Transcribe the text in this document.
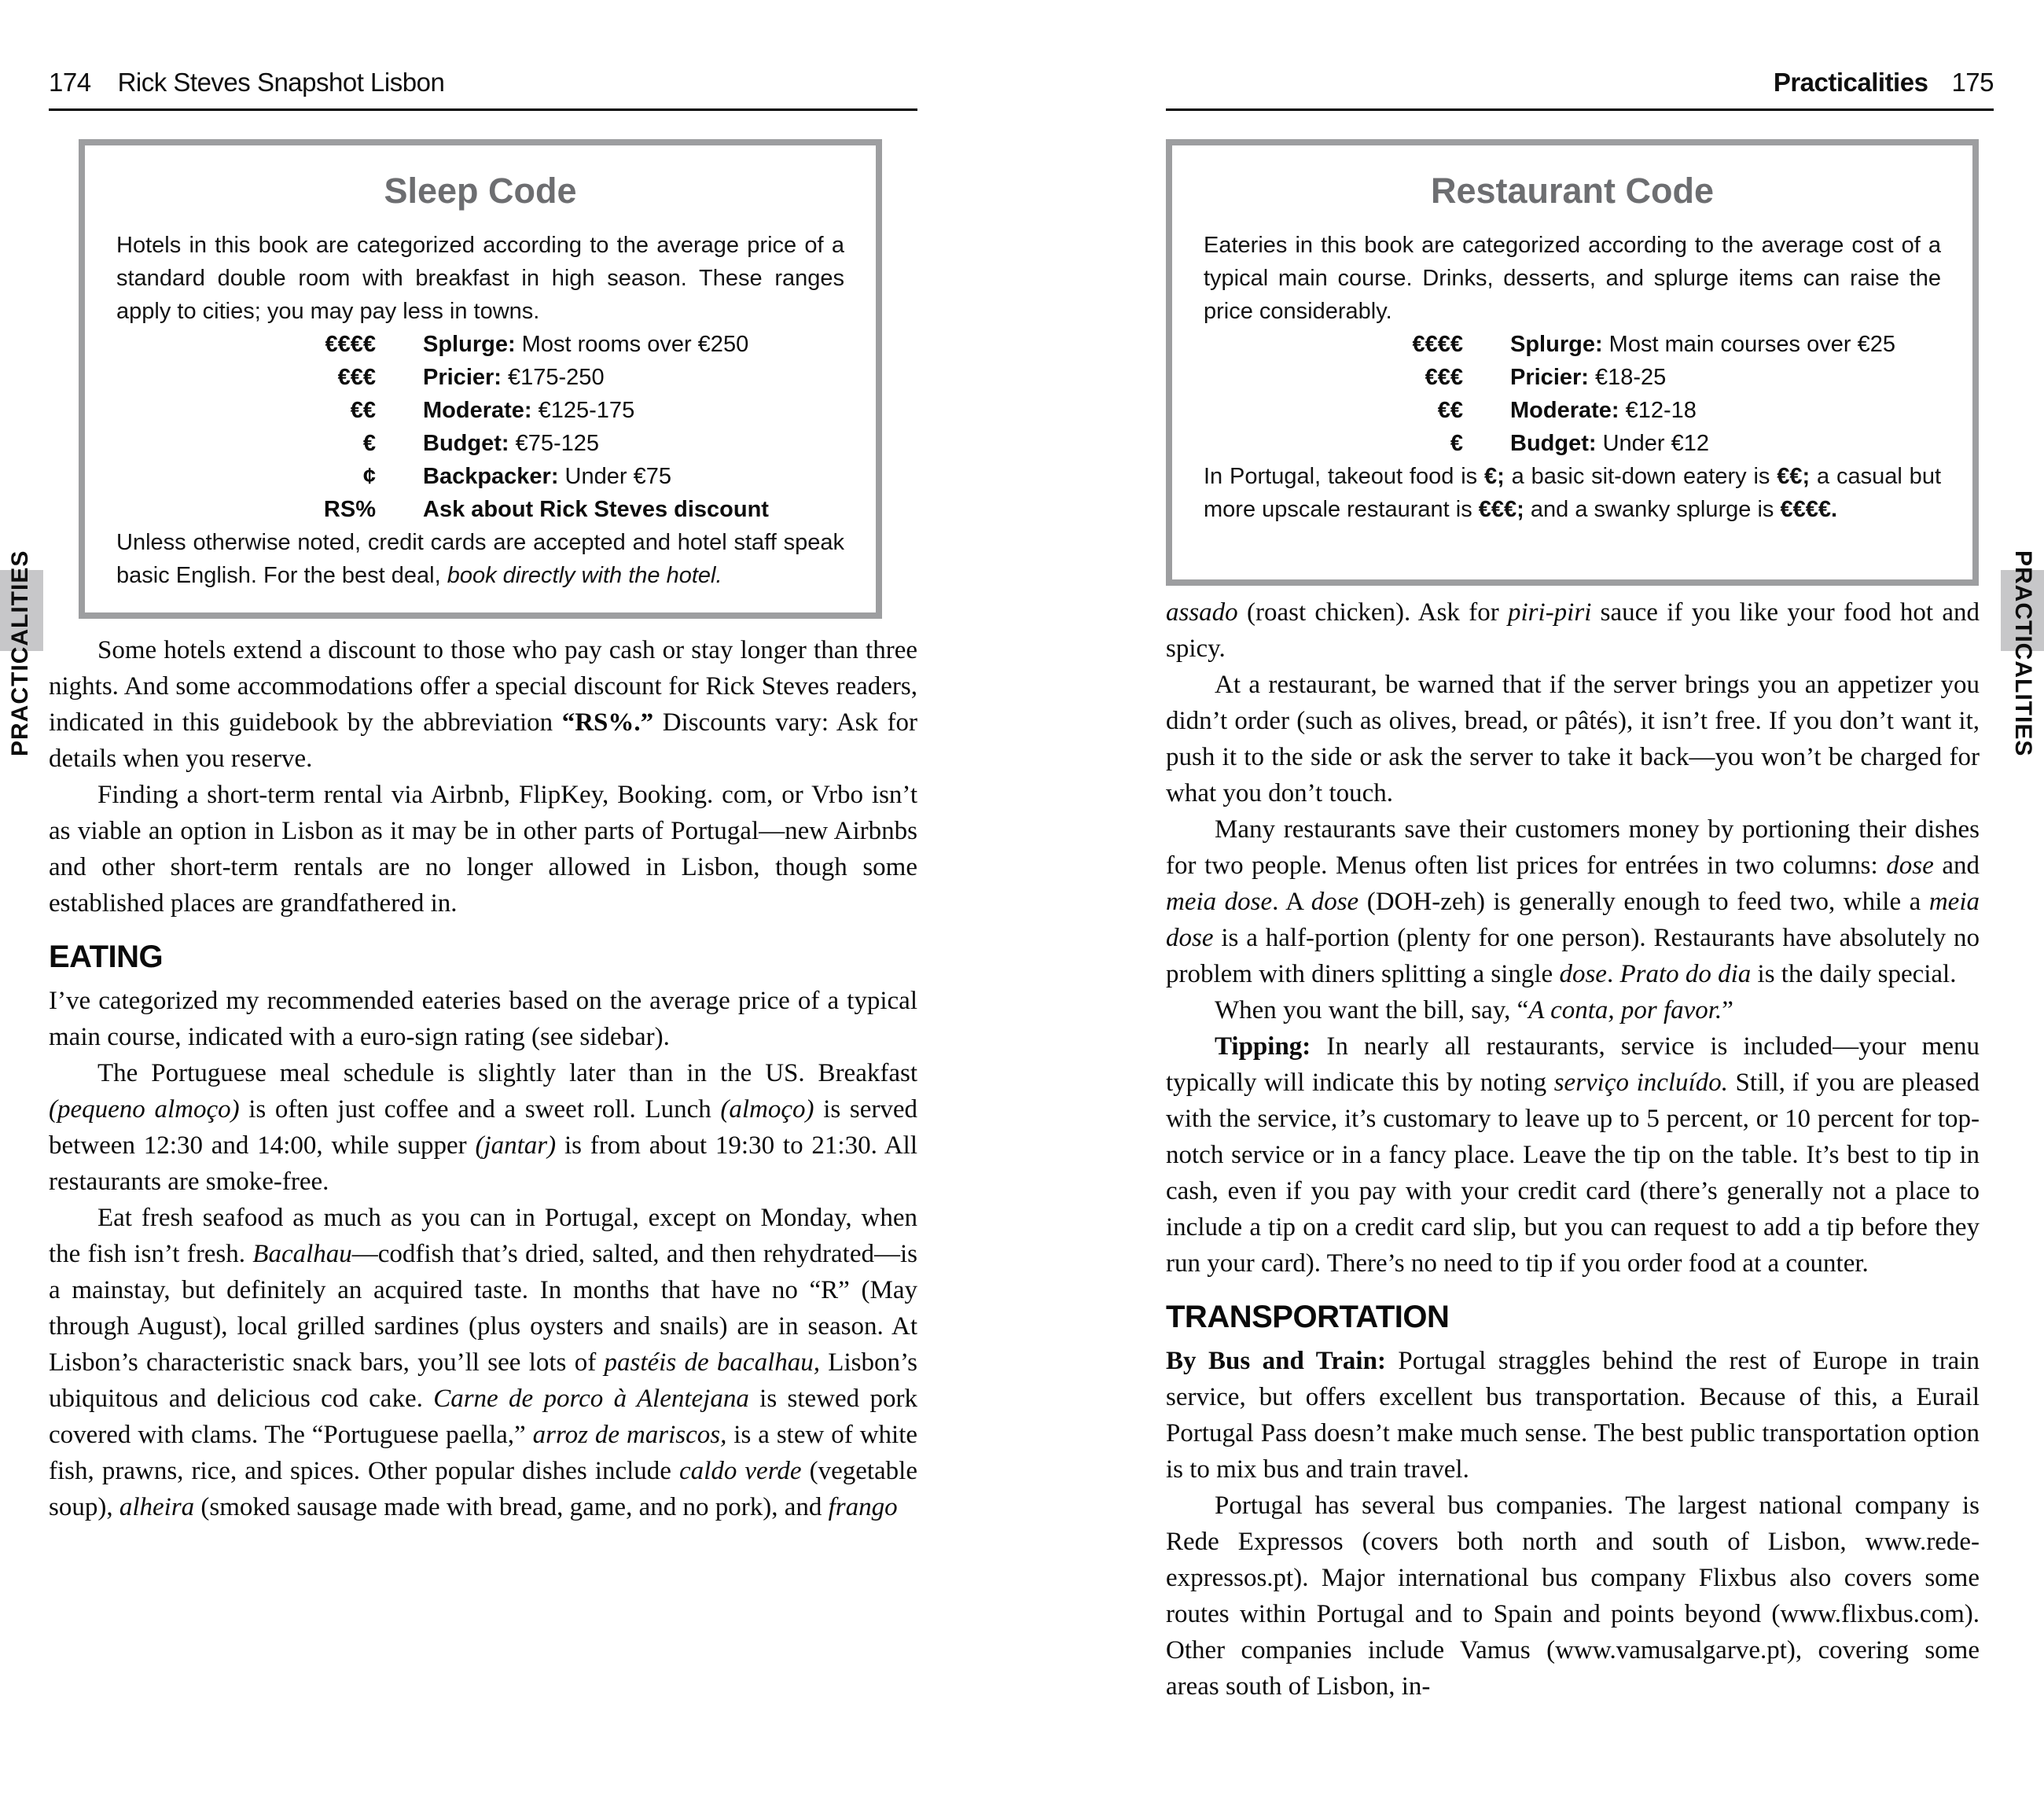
174 Rick Steves Snapshot Lisbon	Practicalities 175
Sleep Code

Hotels in this book are categorized according to the average price of a standard double room with breakfast in high season. These ranges apply to cities; you may pay less in towns.

€€€€ Splurge: Most rooms over €250
€€€ Pricier: €175-250
€€ Moderate: €125-175
€ Budget: €75-125
¢ Backpacker: Under €75
RS% Ask about Rick Steves discount

Unless otherwise noted, credit cards are accepted and hotel staff speak basic English. For the best deal, book directly with the hotel.

Some hotels extend a discount to those who pay cash or stay longer than three nights. And some accommodations offer a special discount for Rick Steves readers, indicated in this guidebook by the abbreviation “RS%.” Discounts vary: Ask for details when you reserve.

Finding a short-term rental via Airbnb, FlipKey, Booking. com, or Vrbo isn’t as viable an option in Lisbon as it may be in other parts of Portugal—new Airbnbs and other short-term rentals are no longer allowed in Lisbon, though some established places are grandfathered in.

EATING

I’ve categorized my recommended eateries based on the average price of a typical main course, indicated with a euro-sign rating (see sidebar).

The Portuguese meal schedule is slightly later than in the US. Breakfast (pequeno almoço) is often just coffee and a sweet roll. Lunch (almoço) is served between 12:30 and 14:00, while supper (jantar) is from about 19:30 to 21:30. All restaurants are smoke-free.

Eat fresh seafood as much as you can in Portugal, except on Monday, when the fish isn’t fresh. Bacalhau—codfish that’s dried, salted, and then rehydrated—is a mainstay, but definitely an acquired taste. In months that have no “R” (May through August), local grilled sardines (plus oysters and snails) are in season. At Lisbon’s characteristic snack bars, you’ll see lots of pastéis de bacalhau, Lisbon’s ubiquitous and delicious cod cake. Carne de porco à Alentejana is stewed pork covered with clams. The “Portuguese paella,” arroz de mariscos, is a stew of white fish, prawns, rice, and spices. Other popular dishes include caldo verde (vegetable soup), alheira (smoked sausage made with bread, game, and no pork), and frango

Restaurant Code

Eateries in this book are categorized according to the average cost of a typical main course. Drinks, desserts, and splurge items can raise the price considerably.

€€€€ Splurge: Most main courses over €25
€€€ Pricier: €18-25
€€ Moderate: €12-18
€ Budget: Under €12

In Portugal, takeout food is €; a basic sit-down eatery is €€; a casual but more upscale restaurant is €€€; and a swanky splurge is €€€€.

assado (roast chicken). Ask for piri-piri sauce if you like your food hot and spicy.

At a restaurant, be warned that if the server brings you an appetizer you didn’t order (such as olives, bread, or pâtés), it isn’t free. If you don’t want it, push it to the side or ask the server to take it back—you won’t be charged for what you don’t touch.

Many restaurants save their customers money by portioning their dishes for two people. Menus often list prices for entrées in two columns: dose and meia dose. A dose (DOH-zeh) is generally enough to feed two, while a meia dose is a half-portion (plenty for one person). Restaurants have absolutely no problem with diners splitting a single dose. Prato do dia is the daily special.

When you want the bill, say, “A conta, por favor.”

Tipping: In nearly all restaurants, service is included—your menu typically will indicate this by noting serviço incluído. Still, if you are pleased with the service, it’s customary to leave up to 5 percent, or 10 percent for top-notch service or in a fancy place. Leave the tip on the table. It’s best to tip in cash, even if you pay with your credit card (there’s generally not a place to include a tip on a credit card slip, but you can request to add a tip before they run your card). There’s no need to tip if you order food at a counter.

TRANSPORTATION

By Bus and Train: Portugal straggles behind the rest of Europe in train service, but offers excellent bus transportation. Because of this, a Eurail Portugal Pass doesn’t make much sense. The best public transportation option is to mix bus and train travel.

Portugal has several bus companies. The largest national company is Rede Expressos (covers both north and south of Lisbon, www.rede-expressos.pt). Major international bus company Flixbus also covers some routes within Portugal and to Spain and points beyond (www.flixbus.com). Other companies include Vamus (www.vamusalgarve.pt), covering some areas south of Lisbon, in-

PRACTICALITIES	PRACTICALITIES
